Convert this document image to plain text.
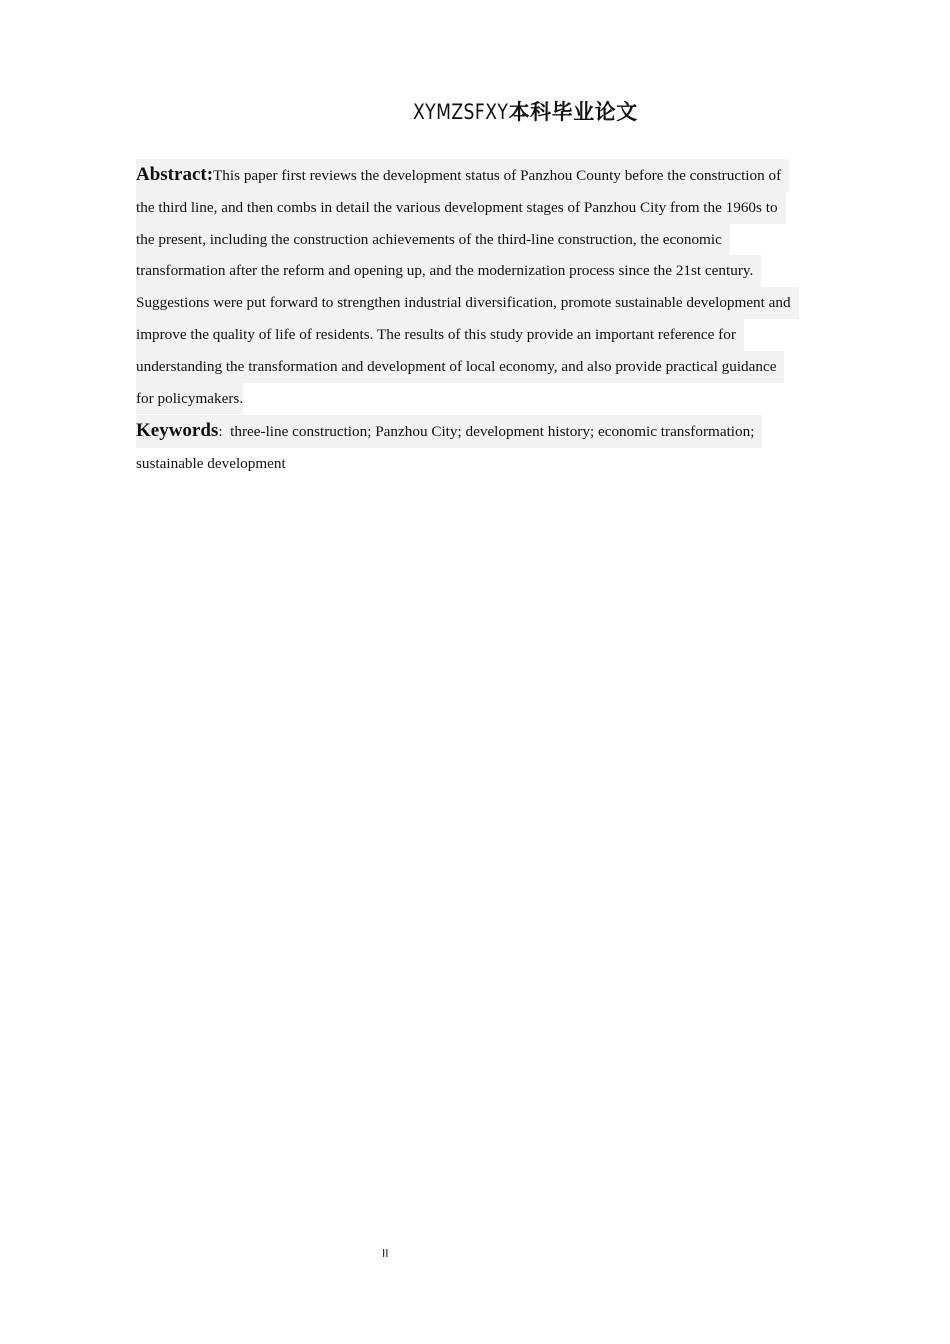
XYMZSFXY本科毕业论文
Abstract:This paper first reviews the development status of Panzhou County before the construction of
the third line, and then combs in detail the various development stages of Panzhou City from the 1960s to
the present, including the construction achievements of the third-line construction, the economic
transformation after the reform and opening up, and the modernization process since the 21st century.
Suggestions were put forward to strengthen industrial diversification, promote sustainable development and
improve the quality of life of residents. The results of this study provide an important reference for
understanding the transformation and development of local economy, and also provide practical guidance
for policymakers.
Keywords: three-line construction; Panzhou City; development history; economic transformation;
sustainable development
II
